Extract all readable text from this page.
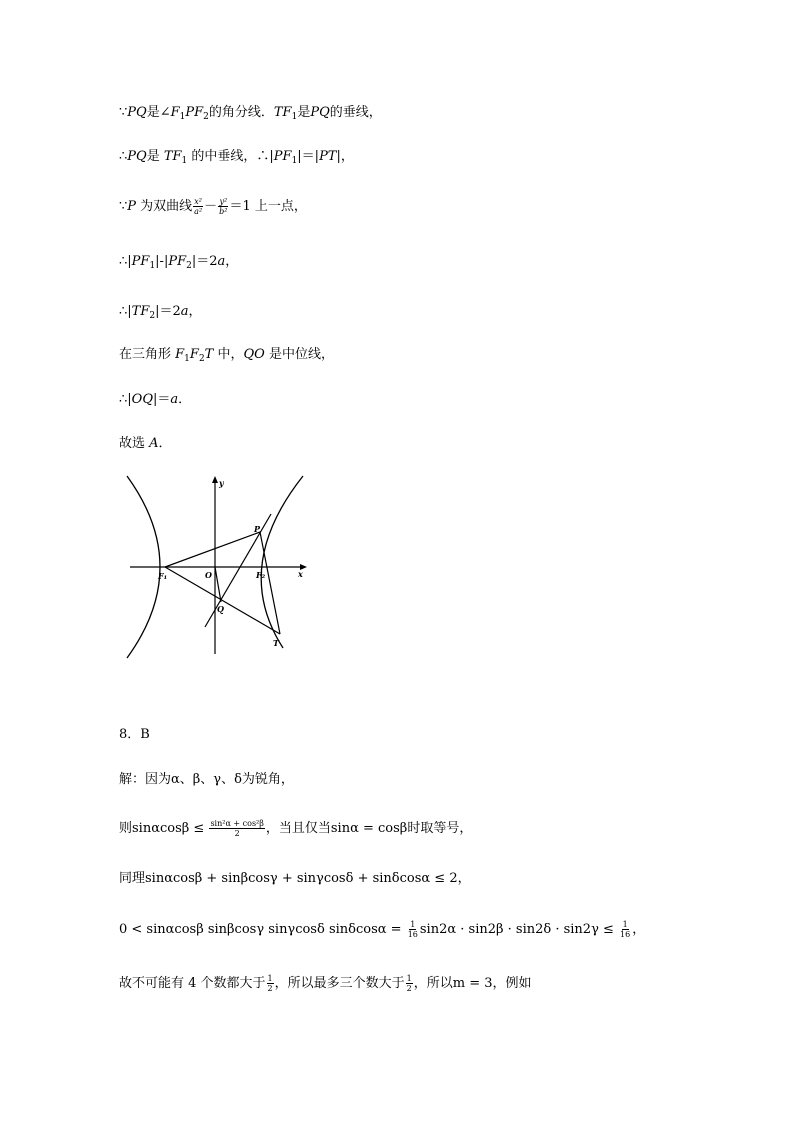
∵PQ是$\angle F_1PF_2$的角分线．$TF_1$是PQ的垂线，
∴PQ是 $TF_1$ 的中垂线，$\therefore|PF_1|=|PT|$，
∵P 为双曲线 $\frac{\text{x²}}{\text{a²}} - \frac{\text{y²}}{\text{b²}} =1$ 上一点，
$\therefore|PF_1|-|PF_2|=2a$，
$\therefore|TF_2|=2a$，
在三角形 $F_1F_2T$ 中，QO 是中位线，
∴|OQ|＝a．
故选 A．
y
x
O
F₁	F₂
P
Q
T
8．B
解：因为α、β、γ、δ为锐角，
则$\sin\alpha\cos\beta \le \frac{\text{sin²α + cos²β}}{2}$ ，当且仅当sinα = cosβ时取等号，
同理sinαcosβ + sinβcosγ + sinγcosδ + sinδcosα ≤ 2，
0 < sinαcosβ sinβcosγ sinγcosδ $\sin\delta\cos\alpha = \frac{1}{16} \sin 2\alpha \cdot \sin 2\beta \cdot \sin 2\delta \cdot \sin 2\gamma \le \frac{1}{16}$ ，
故不可能有 4 个数都大于 $\frac{1}{2}$ ，所以最多三个数大于 $\frac{1}{2}$ ，所以m = 3，例如
